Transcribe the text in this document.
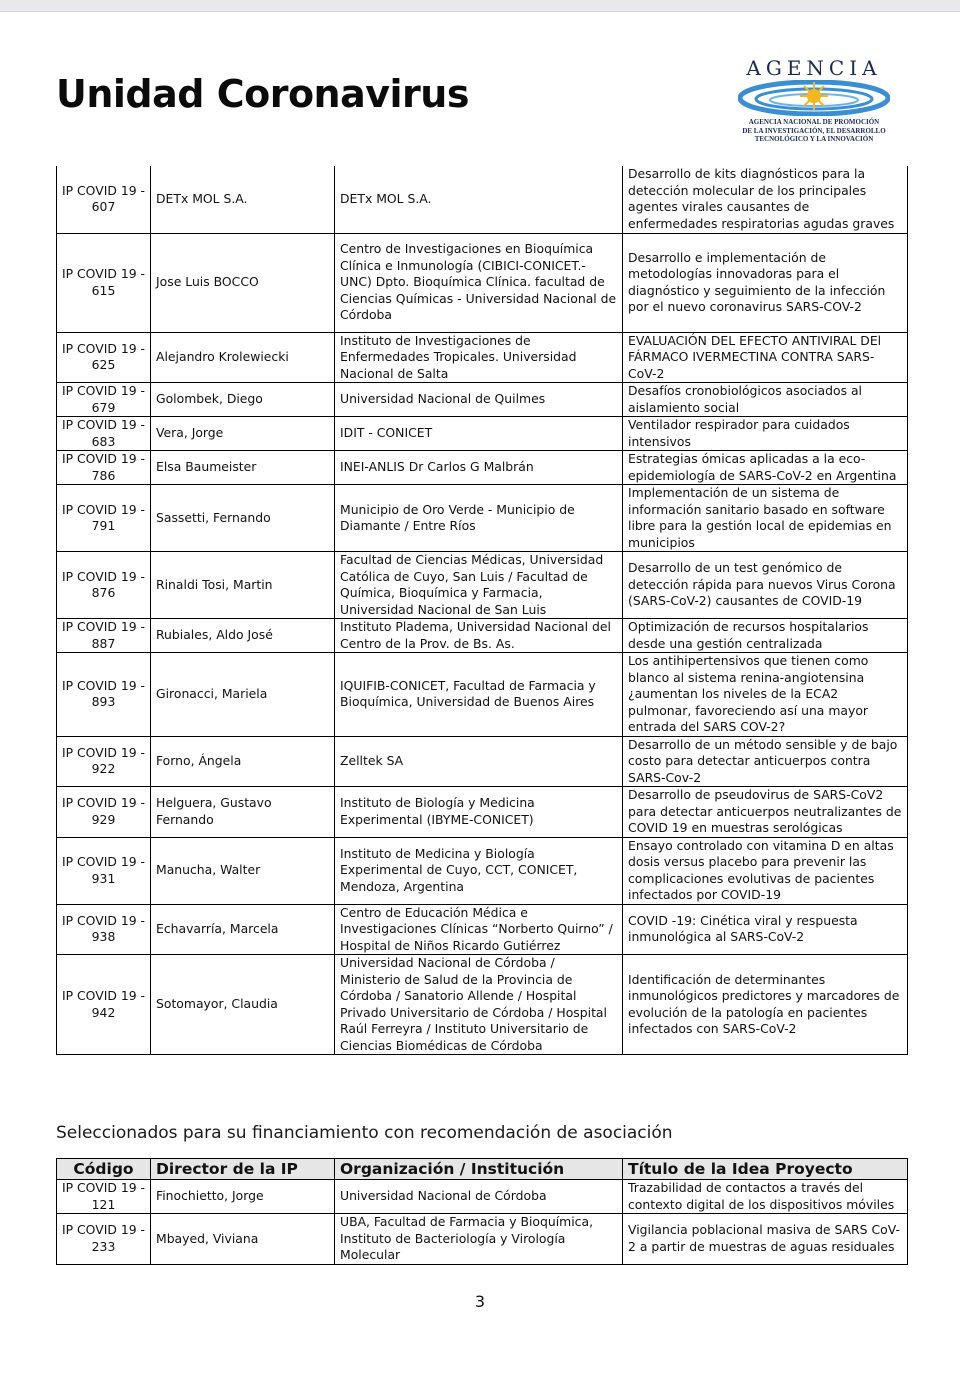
Unidad Coronavirus
AGENCIA
AGENCIA NACIONAL DE PROMOCIÓN
DE LA INVESTIGACIÓN, EL DESARROLLO
TECNOLÓGICO Y LA INNOVACIÓN
IP COVID 19 - 607	DETx MOL S.A.	DETx MOL S.A.	Desarrollo de kits diagnósticos para la detección molecular de los principales agentes virales causantes de enfermedades respiratorias agudas graves
IP COVID 19 - 615	Jose Luis BOCCO	Centro de Investigaciones en Bioquímica Clínica e Inmunología (CIBICI-CONICET.-UNC) Dpto. Bioquímica Clínica. facultad de Ciencias Químicas - Universidad Nacional de Córdoba	Desarrollo e implementación de metodologías innovadoras para el diagnóstico y seguimiento de la infección por el nuevo coronavirus SARS-COV-2
IP COVID 19 - 625	Alejandro Krolewiecki	Instituto de Investigaciones de Enfermedades Tropicales. Universidad Nacional de Salta	EVALUACIÓN DEL EFECTO ANTIVIRAL DEl FÁRMACO IVERMECTINA CONTRA SARS-CoV-2
IP COVID 19 - 679	Golombek, Diego	Universidad Nacional de Quilmes	Desafíos cronobiológicos asociados al aislamiento social
IP COVID 19 - 683	Vera, Jorge	IDIT - CONICET	Ventilador respirador para cuidados intensivos
IP COVID 19 - 786	Elsa Baumeister	INEI-ANLIS Dr Carlos G Malbrán	Estrategias ómicas aplicadas a la eco-epidemiología de SARS-CoV-2 en Argentina
IP COVID 19 - 791	Sassetti, Fernando	Municipio de Oro Verde - Municipio de Diamante / Entre Ríos	Implementación de un sistema de información sanitario basado en software libre para la gestión local de epidemias en municipios
IP COVID 19 - 876	Rinaldi Tosi, Martin	Facultad de Ciencias Médicas, Universidad Católica de Cuyo, San Luis / Facultad de Química, Bioquímica y Farmacia, Universidad Nacional de San Luis	Desarrollo de un test genómico de detección rápida para nuevos Virus Corona (SARS-CoV-2) causantes de COVID-19
IP COVID 19 - 887	Rubiales, Aldo José	Instituto Pladema, Universidad Nacional del Centro de la Prov. de Bs. As.	Optimización de recursos hospitalarios desde una gestión centralizada
IP COVID 19 - 893	Gironacci, Mariela	IQUIFIB-CONICET, Facultad de Farmacia y Bioquímica, Universidad de Buenos Aires	Los antihipertensivos que tienen como blanco al sistema renina-angiotensina ¿aumentan los niveles de la ECA2 pulmonar, favoreciendo así una mayor entrada del SARS COV-2?
IP COVID 19 - 922	Forno, Ángela	Zelltek SA	Desarrollo de un método sensible y de bajo costo para detectar anticuerpos contra SARS-Cov-2
IP COVID 19 - 929	Helguera, Gustavo Fernando	Instituto de Biología y Medicina Experimental (IBYME-CONICET)	Desarrollo de pseudovirus de SARS-CoV2 para detectar anticuerpos neutralizantes de COVID 19 en muestras serológicas
IP COVID 19 - 931	Manucha, Walter	Instituto de Medicina y Biología Experimental de Cuyo, CCT, CONICET, Mendoza, Argentina	Ensayo controlado con vitamina D en altas dosis versus placebo para prevenir las complicaciones evolutivas de pacientes infectados por COVID-19
IP COVID 19 - 938	Echavarría, Marcela	Centro de Educación Médica e Investigaciones Clínicas “Norberto Quirno” / Hospital de Niños Ricardo Gutiérrez	COVID -19: Cinética viral y respuesta inmunológica al SARS-CoV-2
IP COVID 19 - 942	Sotomayor, Claudia	Universidad Nacional de Córdoba / Ministerio de Salud de la Provincia de Córdoba / Sanatorio Allende / Hospital Privado Universitario de Córdoba / Hospital Raúl Ferreyra / Instituto Universitario de Ciencias Biomédicas de Córdoba	Identificación de determinantes inmunológicos predictores y marcadores de evolución de la patología en pacientes infectados con SARS-CoV-2
Seleccionados para su financiamiento con recomendación de asociación
Código	Director de la IP	Organización / Institución	Título de la Idea Proyecto
IP COVID 19 - 121	Finochietto, Jorge	Universidad Nacional de Córdoba	Trazabilidad de contactos a través del contexto digital de los dispositivos móviles
IP COVID 19 - 233	Mbayed, Viviana	UBA, Facultad de Farmacia y Bioquímica, Instituto de Bacteriología y Virología Molecular	Vigilancia poblacional masiva de SARS CoV-2 a partir de muestras de aguas residuales
3
